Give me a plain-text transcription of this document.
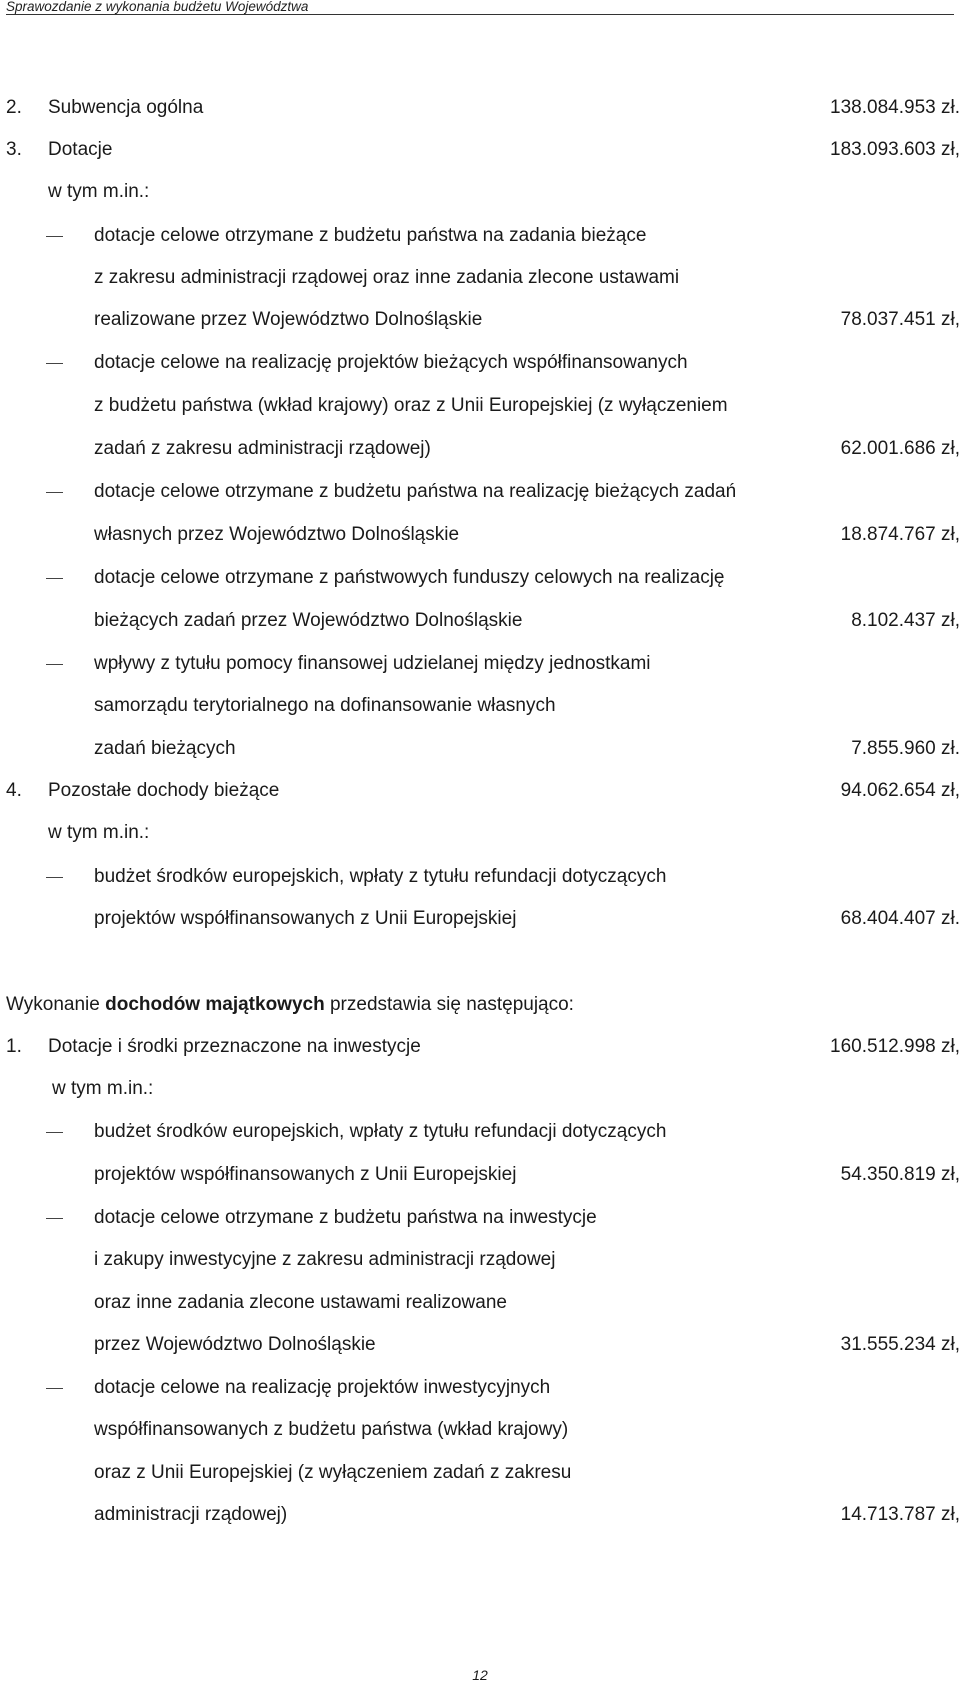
Sprawozdanie z wykonania budżetu Województwa
2. Subwencja ogólna	138.084.953 zł.
3. Dotacje	183.093.603 zł,
w tym m.in.:
dotacje celowe otrzymane z budżetu państwa na zadania bieżące
z zakresu administracji rządowej oraz inne zadania zlecone ustawami
realizowane przez Województwo Dolnośląskie	78.037.451 zł,
dotacje celowe na realizację projektów bieżących współfinansowanych
z budżetu państwa (wkład krajowy) oraz z Unii Europejskiej (z wyłączeniem
zadań z zakresu administracji rządowej)	62.001.686 zł,
dotacje celowe otrzymane z budżetu państwa na realizację bieżących zadań
własnych przez Województwo Dolnośląskie	18.874.767 zł,
dotacje celowe otrzymane z państwowych funduszy celowych na realizację
bieżących zadań przez Województwo Dolnośląskie	8.102.437 zł,
wpływy z tytułu pomocy finansowej udzielanej między jednostkami
samorządu terytorialnego na dofinansowanie własnych
zadań bieżących	7.855.960 zł.
4. Pozostałe dochody bieżące	94.062.654 zł,
w tym m.in.:
budżet środków europejskich, wpłaty z tytułu refundacji dotyczących
projektów współfinansowanych z Unii Europejskiej	68.404.407 zł.
Wykonanie dochodów majątkowych przedstawia się następująco:
1. Dotacje i środki przeznaczone na inwestycje	160.512.998 zł,
w tym m.in.:
budżet środków europejskich, wpłaty z tytułu refundacji dotyczących
projektów współfinansowanych z Unii Europejskiej	54.350.819 zł,
dotacje celowe otrzymane z budżetu państwa na inwestycje
i zakupy inwestycyjne z zakresu administracji rządowej
oraz inne zadania zlecone ustawami realizowane
przez Województwo Dolnośląskie	31.555.234 zł,
dotacje celowe na realizację projektów inwestycyjnych
współfinansowanych z budżetu państwa (wkład krajowy)
oraz z Unii Europejskiej (z wyłączeniem zadań z zakresu
administracji rządowej)	14.713.787 zł,
12
